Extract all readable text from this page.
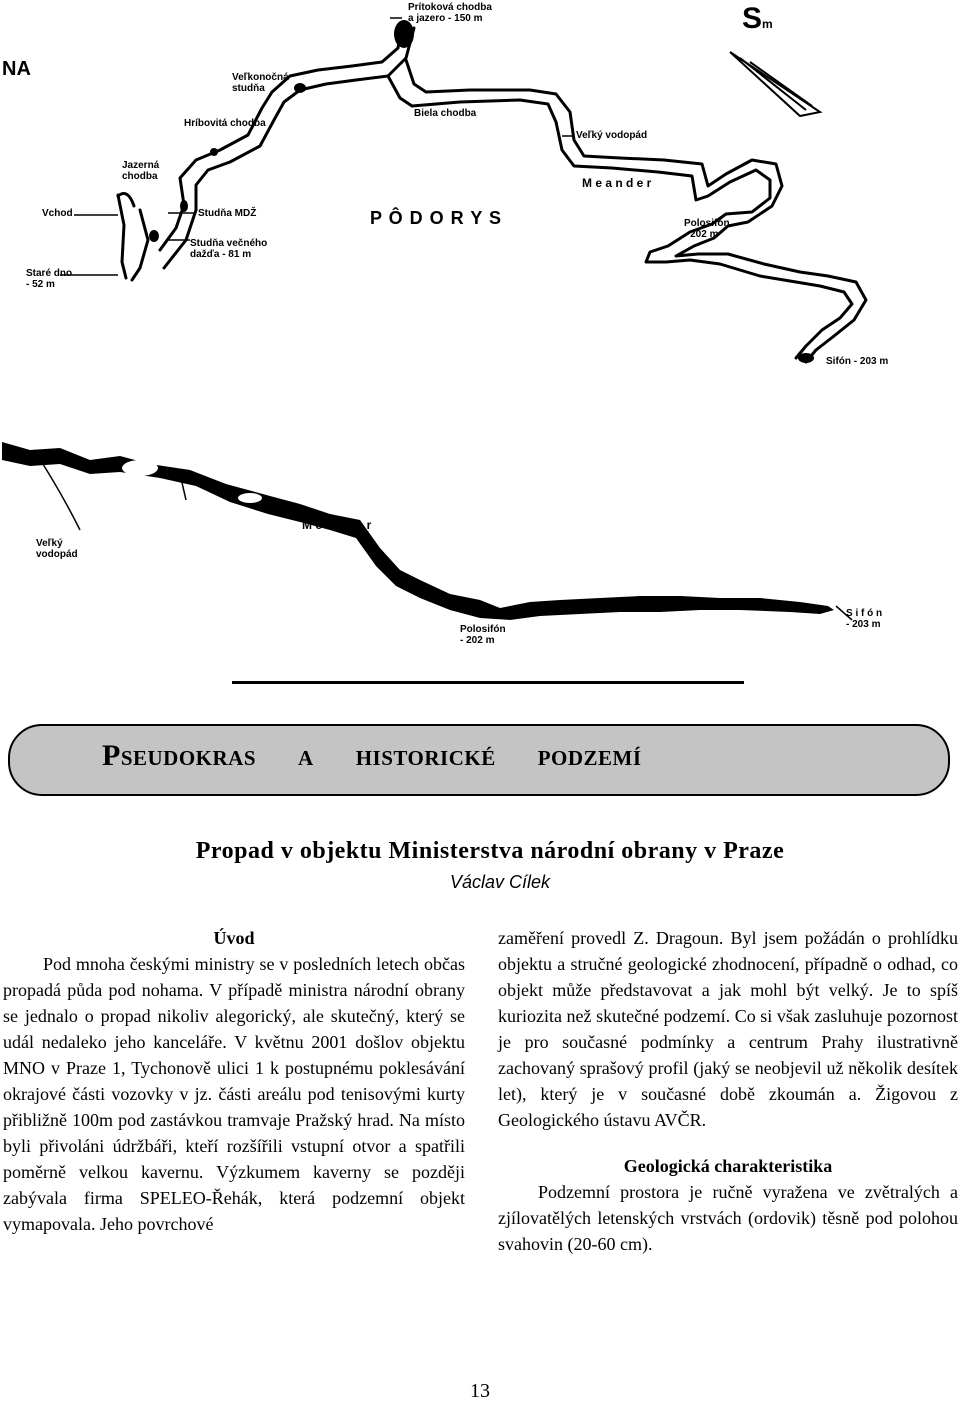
NA
Sm
P Ô D O R Y S
Prítoková chodba
a jazero - 150 m
Veľkonočná
studňa
Hríbovitá chodba
Jazerná
chodba
Vchod	Studňa MDŽ
Studňa večného
dažďa - 81 m
Staré dno
- 52 m
Biela chodba
Veľký vodopád
M e a n d e r
Polosifón
- 202 m
Sifón - 203 m
Veľký
vodopád
M e a n d e r
Polosifón
- 202 m
S i f ó n
- 203 m
Pseudokras a historické podzemí
Propad v objektu Ministerstva národní obrany v Praze
Václav Cílek
Úvod

Pod mnoha českými ministry se v posledních letech občas propadá půda pod nohama. V případě ministra národní obrany se jednalo o propad nikoliv alegorický, ale skutečný, který se udál nedaleko jeho kanceláře. V květnu 2001 došlov objektu MNO v Praze 1, Tychonově ulici 1 k postupnému poklesávání okrajové části vozovky v jz. části areálu pod tenisovými kurty přibližně 100m pod zastávkou tramvaje Pražský hrad. Na místo byli přivoláni údržbáři, kteří rozšířili vstupní otvor a spatřili poměrně velkou kavernu. Výzkumem kaverny se později zabývala firma SPELEO-Řehák, která podzemní objekt vymapovala. Jeho povrchové

zaměření provedl Z. Dragoun. Byl jsem požádán o prohlídku objektu a stručné geologické zhodnocení, případně o odhad, co objekt může představovat a jak mohl být velký. Je to spíš kuriozita než skutečné podzemí. Co si však zasluhuje pozornost je pro současné podmínky a centrum Prahy ilustrativně zachovaný sprašový profil (jaký se neobjevil už několik desítek let), který je v současné době zkoumán a. Žigovou z Geologického ústavu AVČR.

Geologická charakteristika

Podzemní prostora je ručně vyražena ve zvětralých a zjílovatělých letenských vrstvách (ordovik) těsně pod polohou svahovin (20-60 cm).

13
